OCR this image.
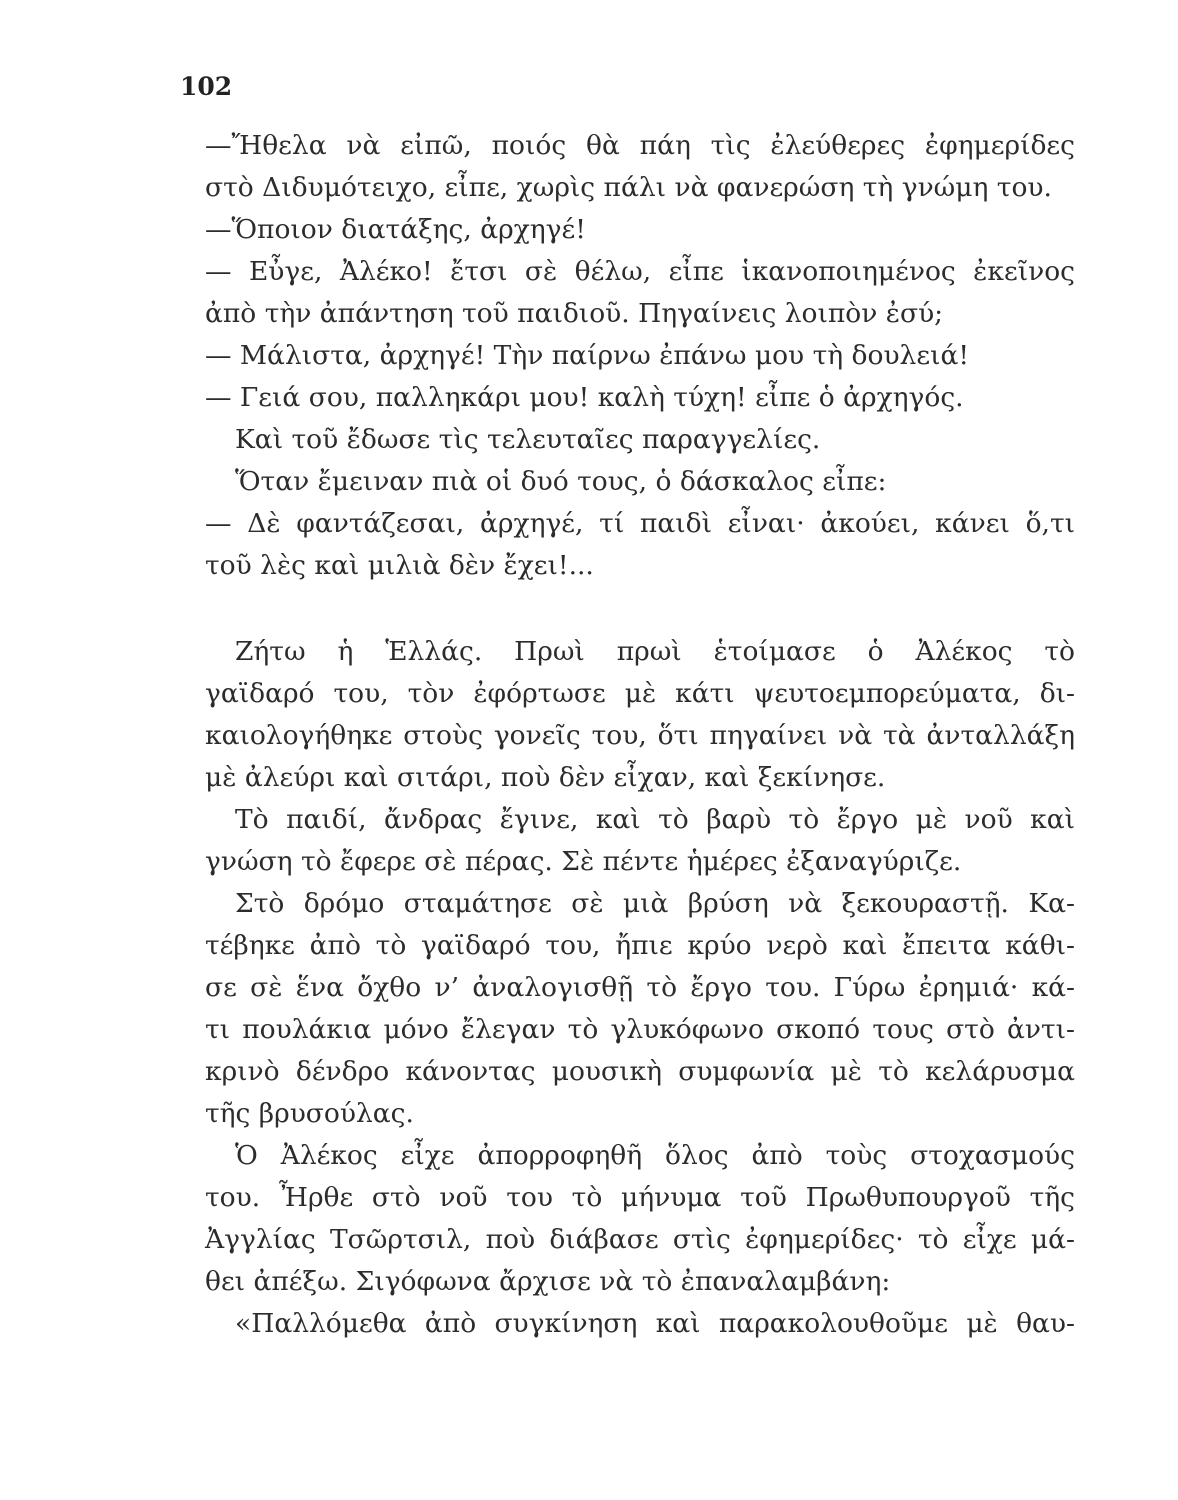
102
—Ἤθελα νὰ εἰπῶ, ποιός θὰ πάη τὶς ἐλεύθερες ἐφημερίδες
στὸ Διδυμότειχο, εἶπε, χωρὶς πάλι νὰ φανερώση τὴ γνώμη του.
—Ὅποιον διατάξης, ἀρχηγέ!
— Εὖγε, Ἀλέκο! ἔτσι σὲ θέλω, εἶπε ἱκανοποιημένος ἐκεῖνος
ἀπὸ τὴν ἀπάντηση τοῦ παιδιοῦ. Πηγαίνεις λοιπὸν ἐσύ;
— Μάλιστα, ἀρχηγέ! Τὴν παίρνω ἐπάνω μου τὴ δουλειά!
— Γειά σου, παλληκάρι μου! καλὴ τύχη! εἶπε ὁ ἀρχηγός.
Καὶ τοῦ ἔδωσε τὶς τελευταῖες παραγγελίες.
Ὅταν ἔμειναν πιὰ οἱ δυό τους, ὁ δάσκαλος εἶπε:
— Δὲ φαντάζεσαι, ἀρχηγέ, τί παιδὶ εἶναι· ἀκούει, κάνει ὅ,τι
τοῦ λὲς καὶ μιλιὰ δὲν ἔχει!...
Ζήτω ἡ Ἑλλάς. Πρωὶ πρωὶ ἑτοίμασε ὁ Ἀλέκος τὸ
γαϊδαρό του, τὸν ἐφόρτωσε μὲ κάτι ψευτοεμπορεύματα, δι-
καιολογήθηκε στοὺς γονεῖς του, ὅτι πηγαίνει νὰ τὰ ἀνταλλάξη
μὲ ἀλεύρι καὶ σιτάρι, ποὺ δὲν εἶχαν, καὶ ξεκίνησε.
Τὸ παιδί, ἄνδρας ἔγινε, καὶ τὸ βαρὺ τὸ ἔργο μὲ νοῦ καὶ
γνώση τὸ ἔφερε σὲ πέρας. Σὲ πέντε ἡμέρες ἐξαναγύριζε.
Στὸ δρόμο σταμάτησε σὲ μιὰ βρύση νὰ ξεκουραστῇ. Κα-
τέβηκε ἀπὸ τὸ γαϊδαρό του, ἤπιε κρύο νερὸ καὶ ἔπειτα κάθι-
σε σὲ ἕνα ὄχθο ν’ ἀναλογισθῇ τὸ ἔργο του. Γύρω ἐρημιά· κά-
τι πουλάκια μόνο ἔλεγαν τὸ γλυκόφωνο σκοπό τους στὸ ἀντι-
κρινὸ δένδρο κάνοντας μουσικὴ συμφωνία μὲ τὸ κελάρυσμα
τῆς βρυσούλας.
Ὁ Ἀλέκος εἶχε ἀπορροφηθῆ ὅλος ἀπὸ τοὺς στοχασμούς
του. Ἦρθε στὸ νοῦ του τὸ μήνυμα τοῦ Πρωθυπουργοῦ τῆς
Ἀγγλίας Τσῶρτσιλ, ποὺ διάβασε στὶς ἐφημερίδες· τὸ εἶχε μά-
θει ἀπέξω. Σιγόφωνα ἄρχισε νὰ τὸ ἐπαναλαμβάνη:
«Παλλόμεθα ἀπὸ συγκίνηση καὶ παρακολουθοῦμε μὲ θαυ-
